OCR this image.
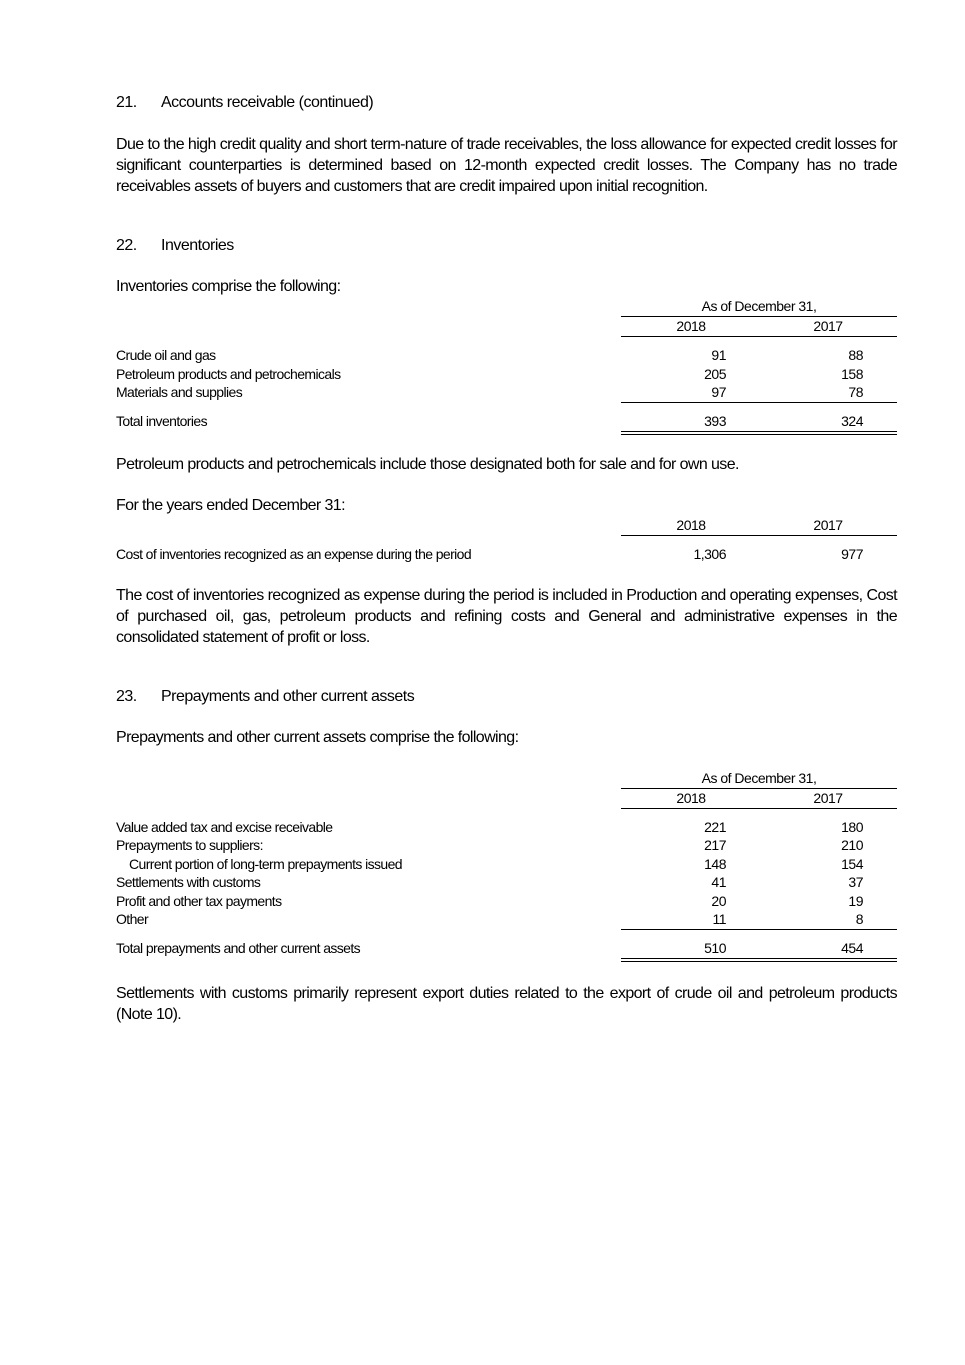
21. Accounts receivable (continued)

Due to the high credit quality and short term-nature of trade receivables, the loss allowance for expected credit losses for significant counterparties is determined based on 12-month expected credit losses. The Company has no trade receivables assets of buyers and customers that are credit impaired upon initial recognition.

22. Inventories
Inventories comprise the following:
As of December 31,
2018	2017
Crude oil and gas	91	88
Petroleum products and petrochemicals	205	158
Materials and supplies	97	78
Total inventories	393	324
Petroleum products and petrochemicals include those designated both for sale and for own use.
For the years ended December 31:
2018	2017
Cost of inventories recognized as an expense during the period	1,306	977

The cost of inventories recognized as expense during the period is included in Production and operating expenses, Cost of purchased oil, gas, petroleum products and refining costs and General and administrative expenses in the consolidated statement of profit or loss.

23. Prepayments and other current assets
Prepayments and other current assets comprise the following:
As of December 31,
2018	2017
Value added tax and excise receivable	221	180
Prepayments to suppliers:	217	210
Current portion of long-term prepayments issued	148	154
Settlements with customs	41	37
Profit and other tax payments	20	19
Other	11	8
Total prepayments and other current assets	510	454

Settlements with customs primarily represent export duties related to the export of crude oil and petroleum products (Note 10).
